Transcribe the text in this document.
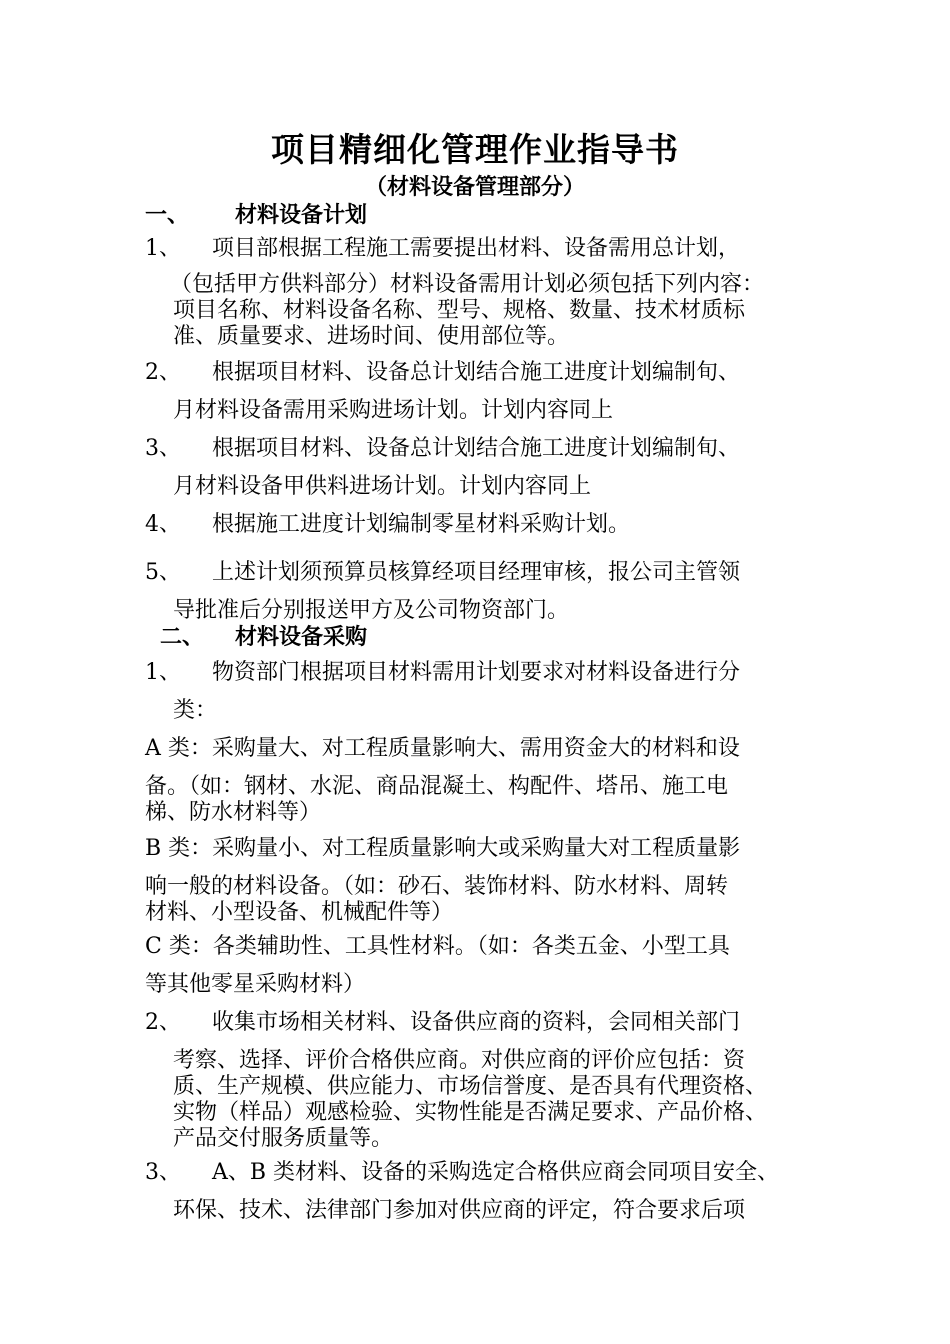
项目精细化管理作业指导书
（材料设备管理部分）
一、 材料设备计划
1、 项目部根据工程施工需要提出材料、设备需用总计划，
（包括甲方供料部分）材料设备需用计划必须包括下列内容：
项目名称、材料设备名称、型号、规格、数量、技术材质标
准、质量要求、进场时间、使用部位等。
2、 根据项目材料、设备总计划结合施工进度计划编制旬、
月材料设备需用采购进场计划。计划内容同上
3、 根据项目材料、设备总计划结合施工进度计划编制旬、
月材料设备甲供料进场计划。计划内容同上
4、 根据施工进度计划编制零星材料采购计划。
5、 上述计划须预算员核算经项目经理审核，报公司主管领
导批准后分别报送甲方及公司物资部门。
二、 材料设备采购
1、 物资部门根据项目材料需用计划要求对材料设备进行分
类：
A 类：采购量大、对工程质量影响大、需用资金大的材料和设
备。（如：钢材、水泥、商品混凝土、构配件、塔吊、施工电
梯、防水材料等）
B 类：采购量小、对工程质量影响大或采购量大对工程质量影
响一般的材料设备。（如：砂石、装饰材料、防水材料、周转
材料、小型设备、机械配件等）
C 类：各类辅助性、工具性材料。（如：各类五金、小型工具
等其他零星采购材料）
2、 收集市场相关材料、设备供应商的资料，会同相关部门
考察、选择、评价合格供应商。对供应商的评价应包括：资
质、生产规模、供应能力、市场信誉度、是否具有代理资格、
实物（样品）观感检验、实物性能是否满足要求、产品价格、
产品交付服务质量等。
3、 A、B 类材料、设备的采购选定合格供应商会同项目安全、
环保、技术、法律部门参加对供应商的评定，符合要求后项
